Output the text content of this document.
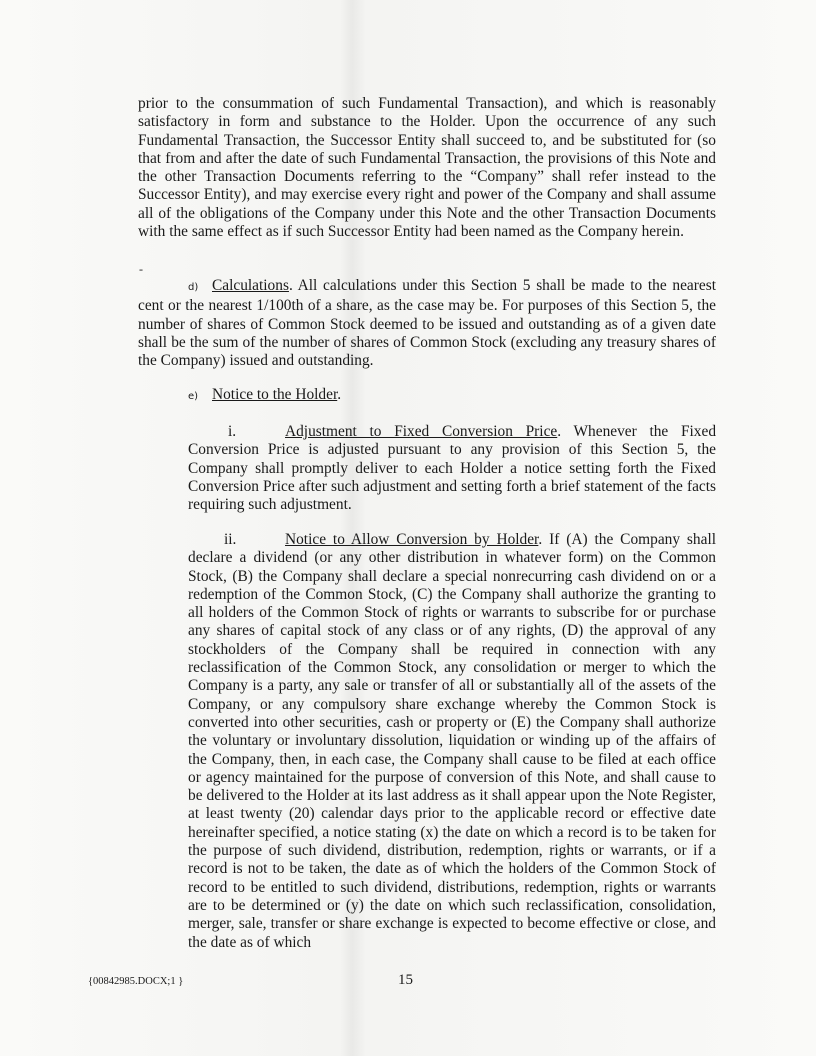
prior to the consummation of such Fundamental Transaction), and which is reasonably satisfactory in form and substance to the Holder. Upon the occurrence of any such Fundamental Transaction, the Successor Entity shall succeed to, and be substituted for (so that from and after the date of such Fundamental Transaction, the provisions of this Note and the other Transaction Documents referring to the “Company” shall refer instead to the Successor Entity), and may exercise every right and power of the Company and shall assume all of the obligations of the Company under this Note and the other Transaction Documents with the same effect as if such Successor Entity had been named as the Company herein.

-

d) Calculations. All calculations under this Section 5 shall be made to the nearest cent or the nearest 1/100th of a share, as the case may be. For purposes of this Section 5, the number of shares of Common Stock deemed to be issued and outstanding as of a given date shall be the sum of the number of shares of Common Stock (excluding any treasury shares of the Company) issued and outstanding.

e) Notice to the Holder.

i.	Adjustment to Fixed Conversion Price. Whenever the Fixed Conversion Price is adjusted pursuant to any provision of this Section 5, the Company shall promptly deliver to each Holder a notice setting forth the Fixed Conversion Price after such adjustment and setting forth a brief statement of the facts requiring such adjustment.

ii.	Notice to Allow Conversion by Holder. If (A) the Company shall declare a dividend (or any other distribution in whatever form) on the Common Stock, (B) the Company shall declare a special nonrecurring cash dividend on or a redemption of the Common Stock, (C) the Company shall authorize the granting to all holders of the Common Stock of rights or warrants to subscribe for or purchase any shares of capital stock of any class or of any rights, (D) the approval of any stockholders of the Company shall be required in connection with any reclassification of the Common Stock, any consolidation or merger to which the Company is a party, any sale or transfer of all or substantially all of the assets of the Company, or any compulsory share exchange whereby the Common Stock is converted into other securities, cash or property or (E) the Company shall authorize the voluntary or involuntary dissolution, liquidation or winding up of the affairs of the Company, then, in each case, the Company shall cause to be filed at each office or agency maintained for the purpose of conversion of this Note, and shall cause to be delivered to the Holder at its last address as it shall appear upon the Note Register, at least twenty (20) calendar days prior to the applicable record or effective date hereinafter specified, a notice stating (x) the date on which a record is to be taken for the purpose of such dividend, distribution, redemption, rights or warrants, or if a record is not to be taken, the date as of which the holders of the Common Stock of record to be entitled to such dividend, distributions, redemption, rights or warrants are to be determined or (y) the date on which such reclassification, consolidation, merger, sale, transfer or share exchange is expected to become effective or close, and the date as of which

{00842985.DOCX;1 }	15
